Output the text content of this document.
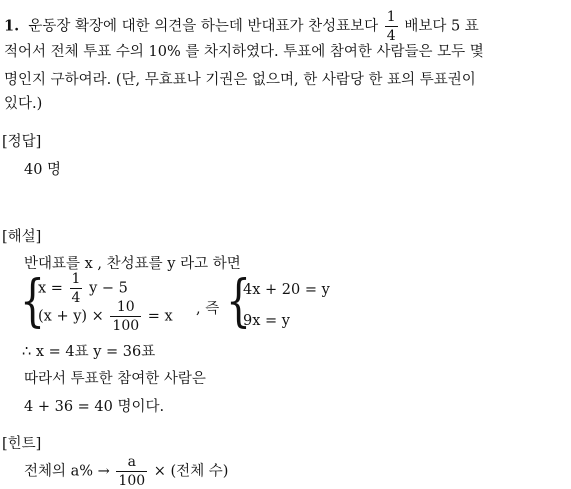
1. 운동장 확장에 대한 의견을 하는데 반대표가 찬성표보다 $\frac{1}{4}$ 배보다 5 표
적어서 전체 투표 수의 10% 를 차지하였다. 투표에 참여한 사람들은 모두 몇
명인지 구하여라. (단, 무효표나 기권은 없으며, 한 사람당 한 표의 투표권이
있다.)
[정답]
40 명
[해설]
반대표를 x , 찬성표를 y 라고 하면
{
$x = \frac{1}{4}$ y − 5
$(x + y) \times \frac{10}{100} = x$ , 즉 {
4x + 20 = y
9x = y
∴ x = 4표 y = 36표
따라서 투표한 참여한 사람은
4 + 36 = 40 명이다.
[힌트]
전체의 $a\% \to \frac{a}{100}$ × (전체 수)
